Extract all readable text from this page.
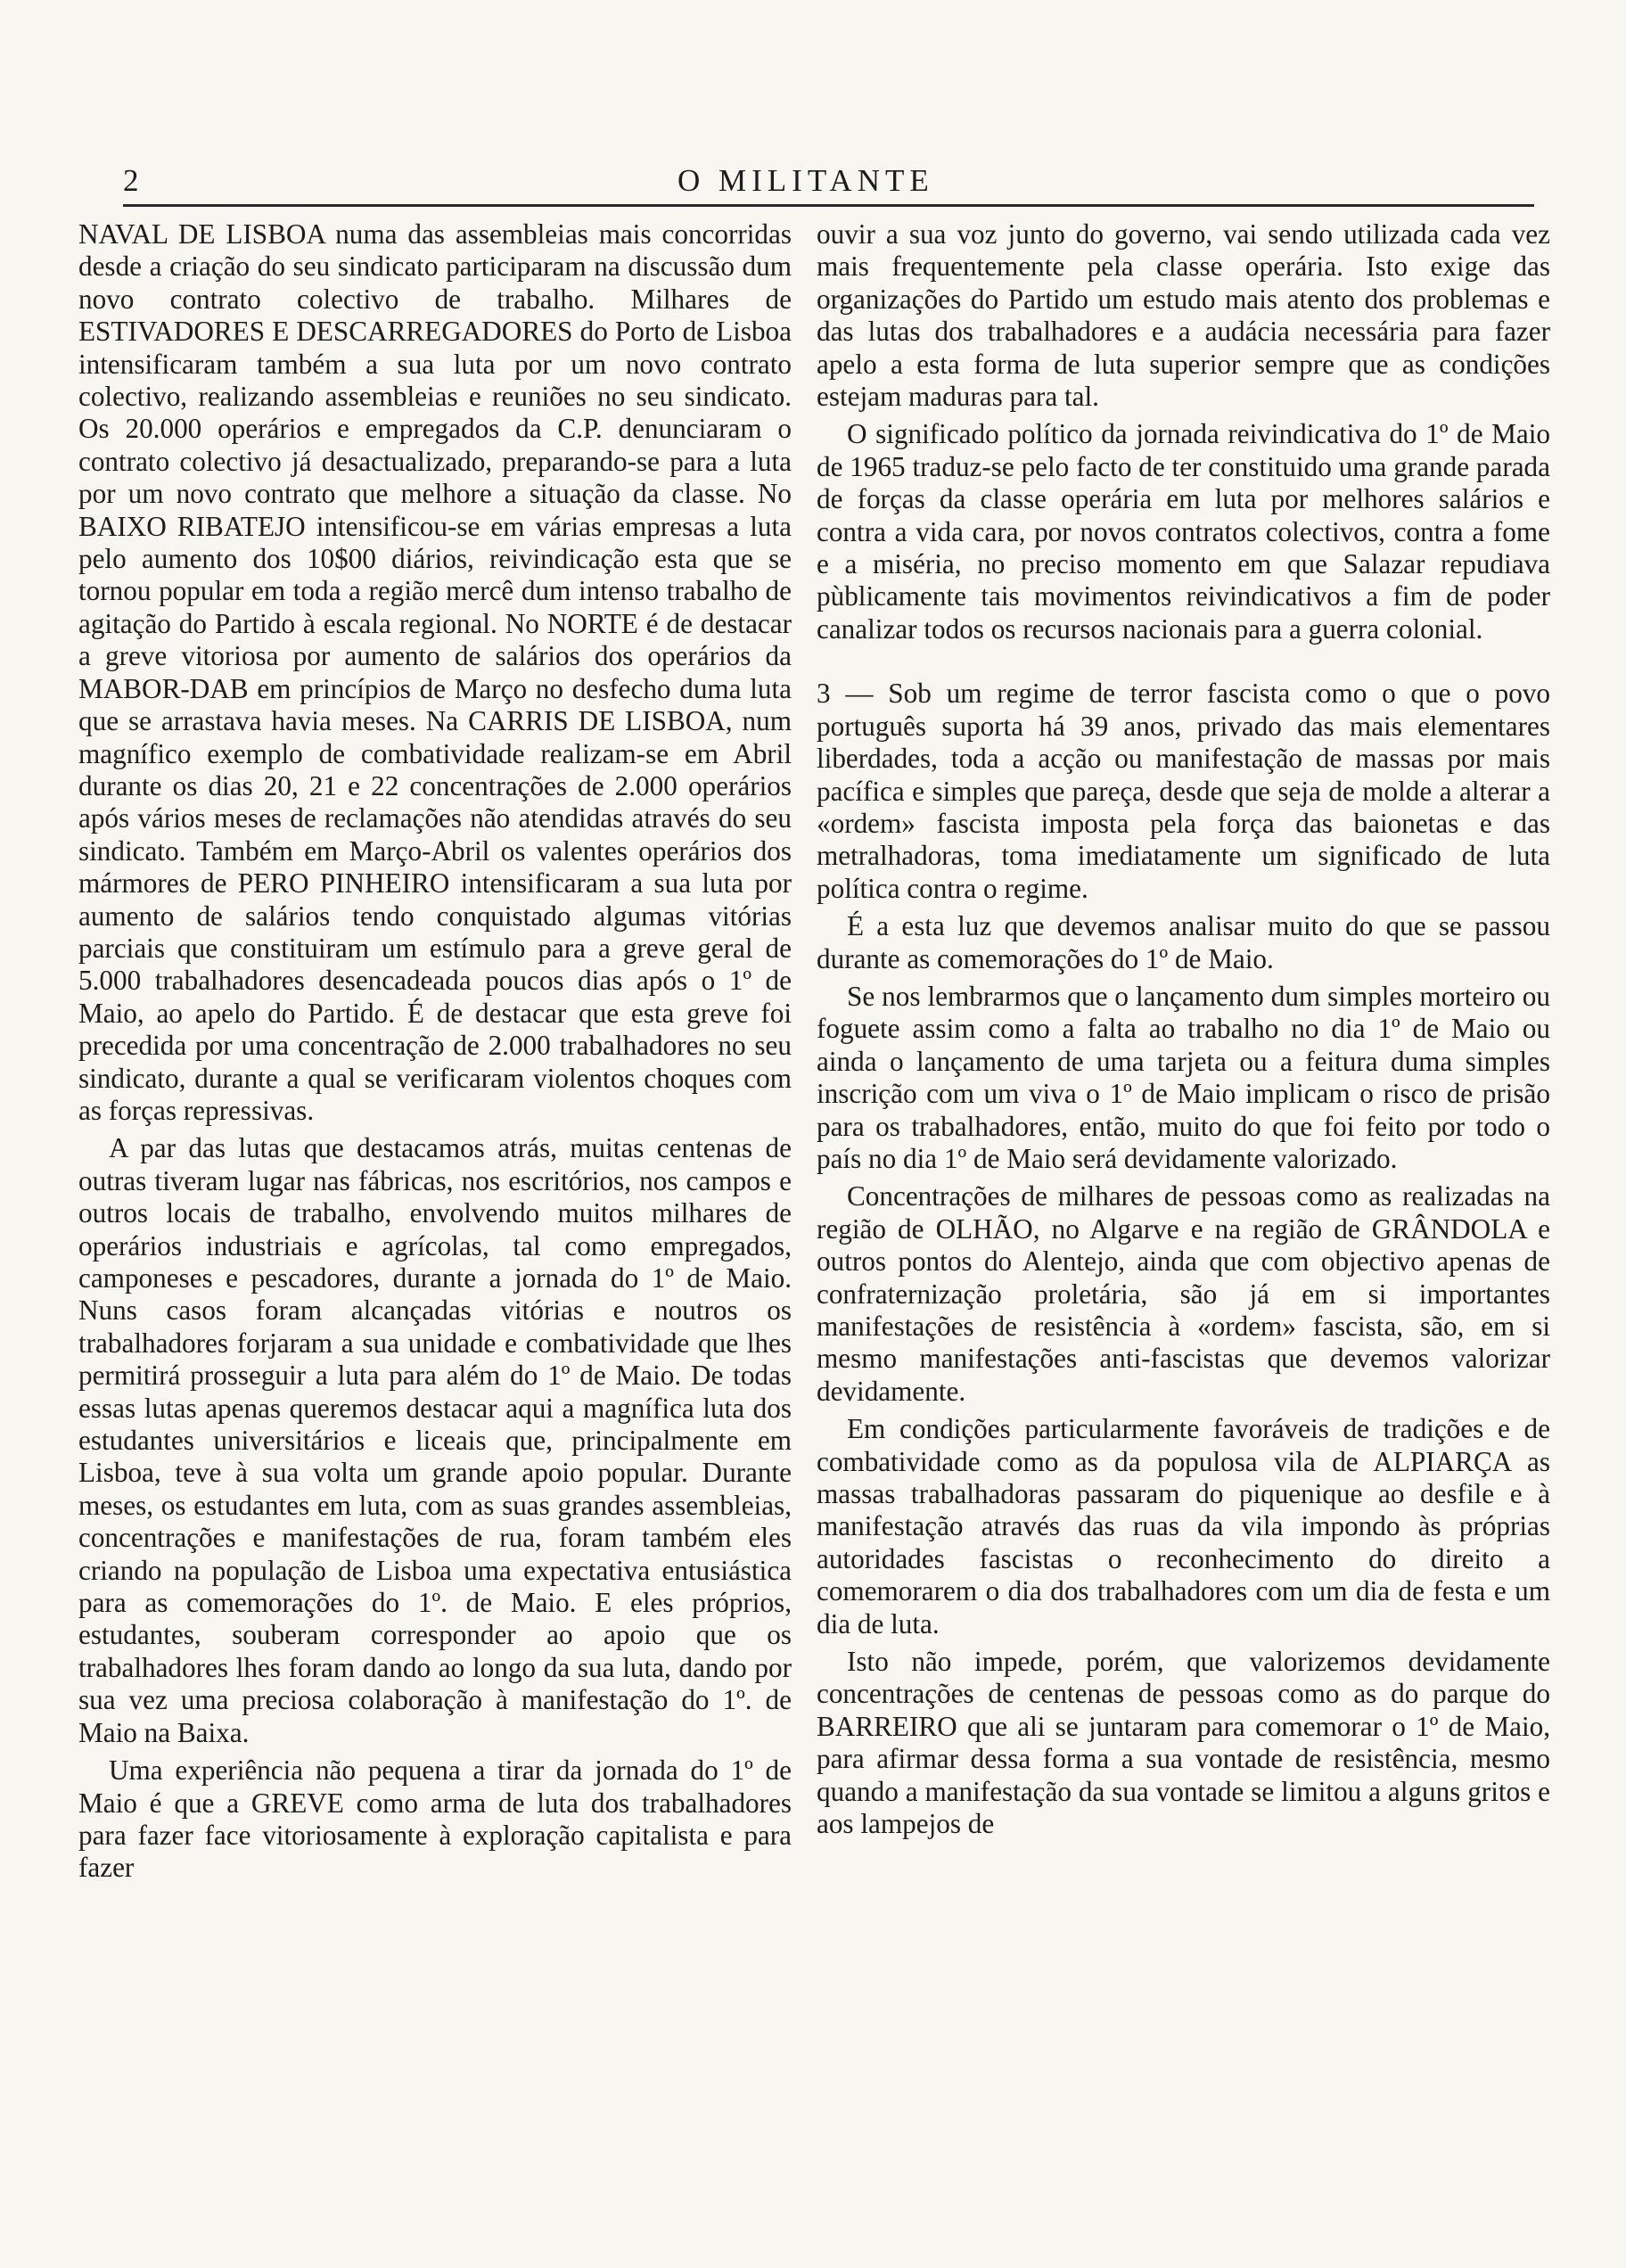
2	O MILITANTE

NAVAL DE LISBOA numa das assembleias mais concorridas desde a criação do seu sindicato participaram na discussão dum novo contrato colectivo de trabalho. Milhares de ESTIVADORES E DESCARREGADORES do Porto de Lisboa intensificaram também a sua luta por um novo contrato colectivo, realizando assembleias e reuniões no seu sindicato. Os 20.000 operários e empregados da C.P. denunciaram o contrato colectivo já desactualizado, preparando-se para a luta por um novo contrato que melhore a situação da classe. No BAIXO RIBATEJO intensificou-se em várias empresas a luta pelo aumento dos 10$00 diários, reivindicação esta que se tornou popular em toda a região mercê dum intenso trabalho de agitação do Partido à escala regional. No NORTE é de destacar a greve vitoriosa por aumento de salários dos operários da MABOR-DAB em princípios de Março no desfecho duma luta que se arrastava havia meses. Na CARRIS DE LISBOA, num magnífico exemplo de combatividade realizam-se em Abril durante os dias 20, 21 e 22 concentrações de 2.000 operários após vários meses de reclamações não atendidas através do seu sindicato. Também em Março-Abril os valentes operários dos mármores de PERO PINHEIRO intensificaram a sua luta por aumento de salários tendo conquistado algumas vitórias parciais que constituiram um estímulo para a greve geral de 5.000 trabalhadores desencadeada poucos dias após o 1º de Maio, ao apelo do Partido. É de destacar que esta greve foi precedida por uma concentração de 2.000 trabalhadores no seu sindicato, durante a qual se verificaram violentos choques com as forças repressivas.

A par das lutas que destacamos atrás, muitas centenas de outras tiveram lugar nas fábricas, nos escritórios, nos campos e outros locais de trabalho, envolvendo muitos milhares de operários industriais e agrícolas, tal como empregados, camponeses e pescadores, durante a jornada do 1º de Maio. Nuns casos foram alcançadas vitórias e noutros os trabalhadores forjaram a sua unidade e combatividade que lhes permitirá prosseguir a luta para além do 1º de Maio. De todas essas lutas apenas queremos destacar aqui a magnífica luta dos estudantes universitários e liceais que, principalmente em Lisboa, teve à sua volta um grande apoio popular. Durante meses, os estudantes em luta, com as suas grandes assembleias, concentrações e manifestações de rua, foram também eles criando na população de Lisboa uma expectativa entusiástica para as comemorações do 1º. de Maio. E eles próprios, estudantes, souberam corresponder ao apoio que os trabalhadores lhes foram dando ao longo da sua luta, dando por sua vez uma preciosa colaboração à manifestação do 1º. de Maio na Baixa.

Uma experiência não pequena a tirar da jornada do 1º de Maio é que a GREVE como arma de luta dos trabalhadores para fazer face vitoriosamente à exploração capitalista e para fazer

ouvir a sua voz junto do governo, vai sendo utilizada cada vez mais frequentemente pela classe operária. Isto exige das organizações do Partido um estudo mais atento dos problemas e das lutas dos trabalhadores e a audácia necessária para fazer apelo a esta forma de luta superior sempre que as condições estejam maduras para tal.

O significado político da jornada reivindicativa do 1º de Maio de 1965 traduz-se pelo facto de ter constituido uma grande parada de forças da classe operária em luta por melhores salários e contra a vida cara, por novos contratos colectivos, contra a fome e a miséria, no preciso momento em que Salazar repudiava pùblicamente tais movimentos reivindicativos a fim de poder canalizar todos os recursos nacionais para a guerra colonial.

3 — Sob um regime de terror fascista como o que o povo português suporta há 39 anos, privado das mais elementares liberdades, toda a acção ou manifestação de massas por mais pacífica e simples que pareça, desde que seja de molde a alterar a «ordem» fascista imposta pela força das baionetas e das metralhadoras, toma imediatamente um significado de luta política contra o regime.

É a esta luz que devemos analisar muito do que se passou durante as comemorações do 1º de Maio.

Se nos lembrarmos que o lançamento dum simples morteiro ou foguete assim como a falta ao trabalho no dia 1º de Maio ou ainda o lançamento de uma tarjeta ou a feitura duma simples inscrição com um viva o 1º de Maio implicam o risco de prisão para os trabalhadores, então, muito do que foi feito por todo o país no dia 1º de Maio será devidamente valorizado.

Concentrações de milhares de pessoas como as realizadas na região de OLHÃO, no Algarve e na região de GRÂNDOLA e outros pontos do Alentejo, ainda que com objectivo apenas de confraternização proletária, são já em si importantes manifestações de resistência à «ordem» fascista, são, em si mesmo manifestações anti-fascistas que devemos valorizar devidamente.

Em condições particularmente favoráveis de tradições e de combatividade como as da populosa vila de ALPIARÇA as massas trabalhadoras passaram do piquenique ao desfile e à manifestação através das ruas da vila impondo às próprias autoridades fascistas o reconhecimento do direito a comemorarem o dia dos trabalhadores com um dia de festa e um dia de luta.

Isto não impede, porém, que valorizemos devidamente concentrações de centenas de pessoas como as do parque do BARREIRO que ali se juntaram para comemorar o 1º de Maio, para afirmar dessa forma a sua vontade de resistência, mesmo quando a manifestação da sua vontade se limitou a alguns gritos e aos lampejos de
